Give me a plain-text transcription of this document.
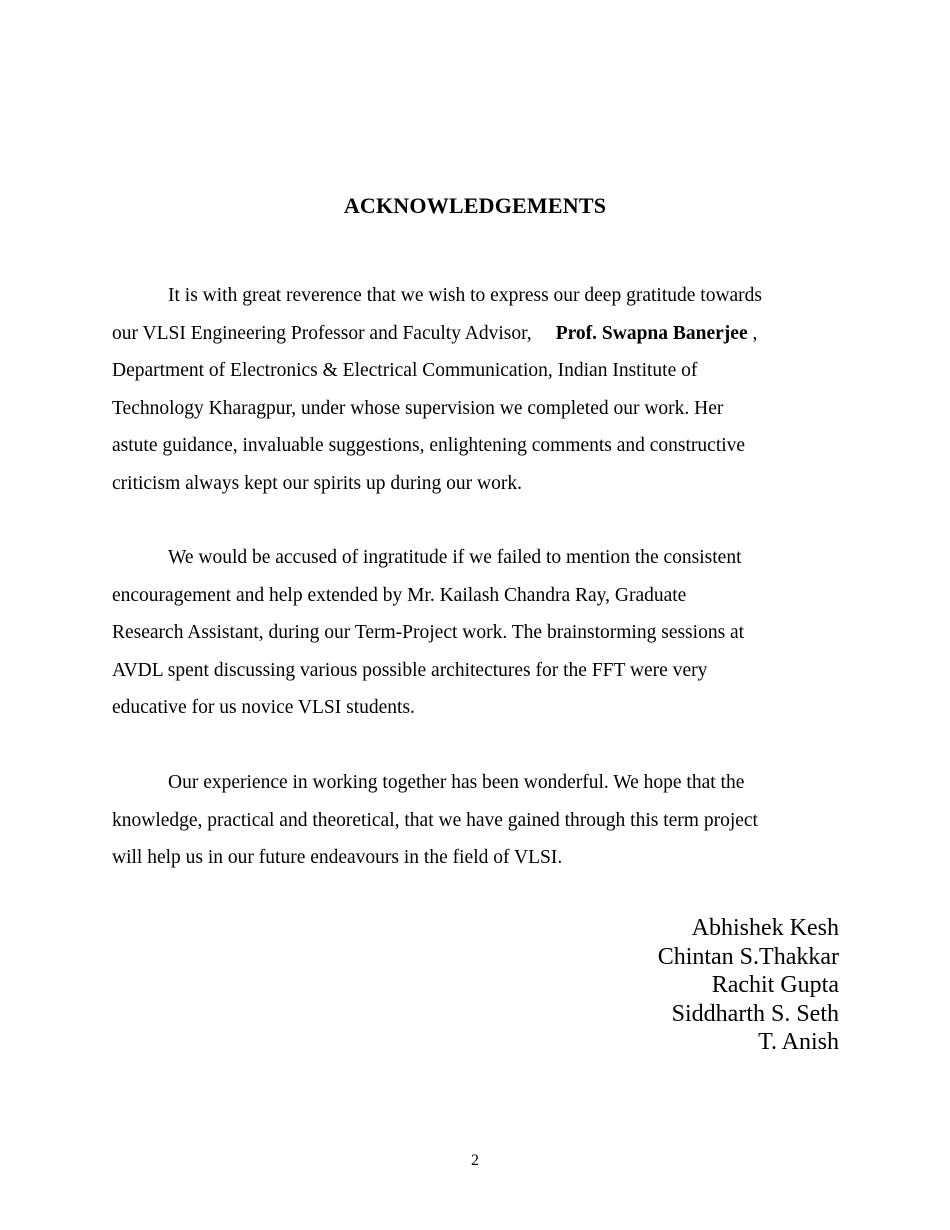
ACKNOWLEDGEMENTS
It is with great reverence that we wish to express our deep gratitude towards
our VLSI Engineering Professor and Faculty Advisor, Prof. Swapna Banerjee ,
Department of Electronics & Electrical Communication, Indian Institute of
Technology Kharagpur, under whose supervision we completed our work. Her
astute guidance, invaluable suggestions, enlightening comments and constructive
criticism always kept our spirits up during our work.
We would be accused of ingratitude if we failed to mention the consistent
encouragement and help extended by Mr. Kailash Chandra Ray, Graduate
Research Assistant, during our Term-Project work. The brainstorming sessions at
AVDL spent discussing various possible architectures for the FFT were very
educative for us novice VLSI students.
Our experience in working together has been wonderful. We hope that the
knowledge, practical and theoretical, that we have gained through this term project
will help us in our future endeavours in the field of VLSI.
Abhishek Kesh
Chintan S.Thakkar
Rachit Gupta
Siddharth S. Seth
T. Anish
2
